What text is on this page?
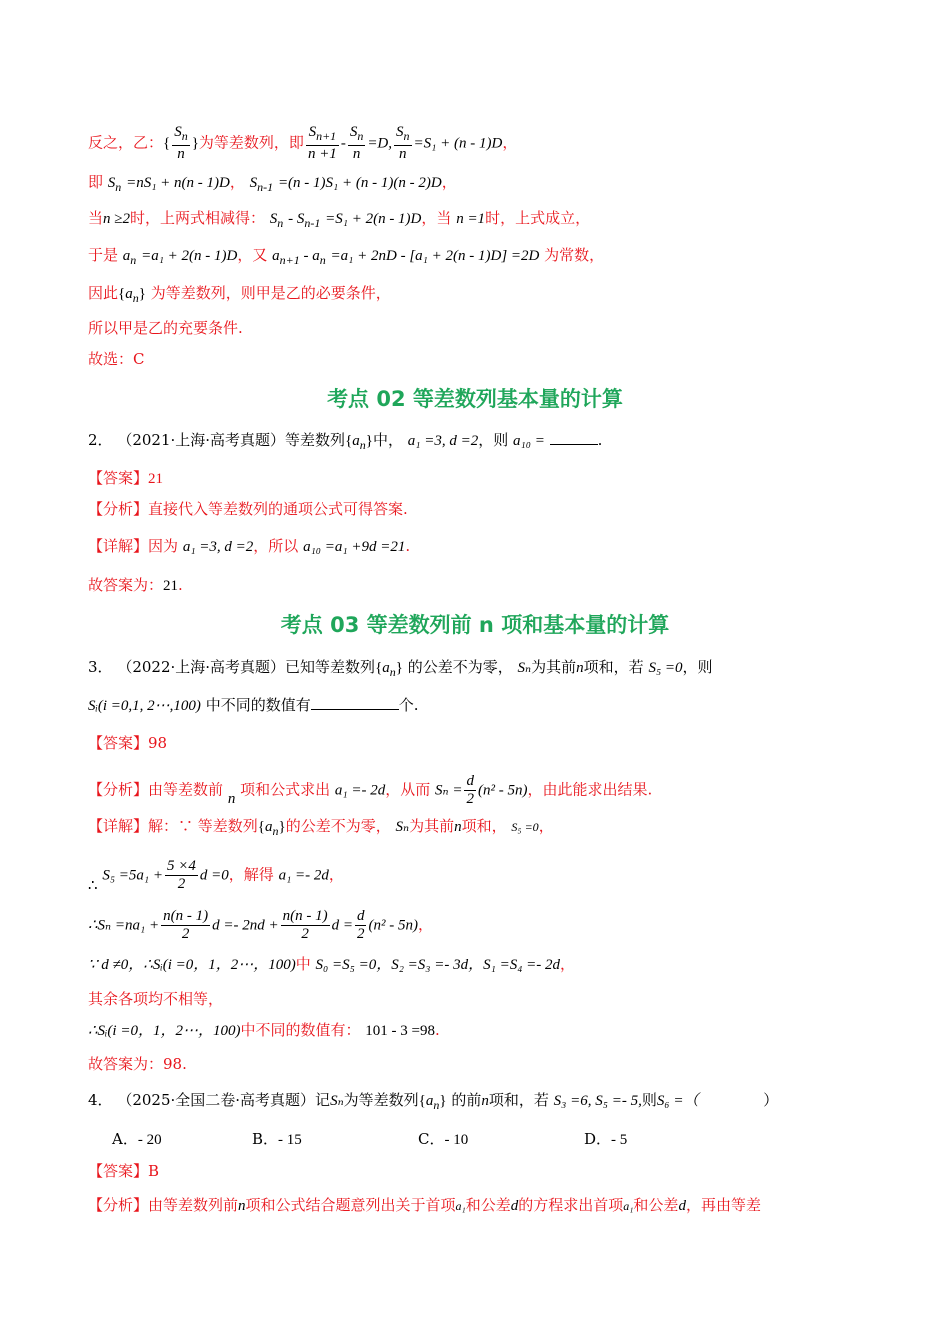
反之，乙：{ $\frac{S_n}{n}$ }为等差数列，即 $\frac{S_{n+1}}{n +1} - \frac{S_n}{n} =D$, $\frac{S_n}{n} =S_1 + (n - 1)D$，
即 $S_n =nS_1 + n(n - 1)D$， $S_{n-1} =(n - 1)S_1 + (n - 1)(n - 2)D$，
当n ≥2时，上两式相减得： $S_n - S_{n-1} =S_1 + 2(n - 1)D$，当 n =1时，上式成立，
于是 $a_n =a_1 + 2(n - 1)D$，又 $a_{n+1} - a_n =a_1 + 2nD - [a_1 + 2(n - 1)D] =2D$ 为常数，
因此$\{a_n\}$ 为等差数列，则甲是乙的必要条件，
所以甲是乙的充要条件.
故选：C
考点 02 等差数列基本量的计算
2． （2021·上海·高考真题）等差数列$\{a_n\}$中， a₁ =3, d =2，则 a₁₀ =	.
【答案】21
【分析】直接代入等差数列的通项公式可得答案.
【详解】因为 a₁ =3, d =2，所以 a₁₀ =a₁ +9d =21.
故答案为：21.
考点 03 等差数列前 n 项和基本量的计算
3． （2022·上海·高考真题）已知等差数列$\{a_n\}$ 的公差不为零， Sₙ为其前n项和，若 S₅ =0，则
Sᵢ(i =0,1, 2⋯,100) 中不同的数值有	个.
【答案】98
【分析】由等差数前 n 项和公式求出 a₁ =- 2d，从而 $S_n = \frac{d}{2} (n^2 - 5n)$，由此能求出结果.
【详解】解：∵ 等差数列$\{a_n\}$的公差不为零， Sₙ为其前n项和， S₅ =0，
∴ $S_5 =5a_1 + \frac{5 \times 4}{2}$ d =0，解得 a₁ =- 2d，
∴Sₙ $=na_1 + \frac{n(n - 1)}{2}$ $d =- 2nd + \frac{n(n - 1)}{2}$ $d = \frac{d}{2} (n^2 - 5n)$，
∵ d ≠0，∴Sᵢ(i =0，1，2⋯，100)中 S₀ =S₅ =0，S₂ =S₃ =- 3d，S₁ =S₄ =- 2d，
其余各项均不相等，
∴Sᵢ(i =0，1，2⋯，100)中不同的数值有： 101 - 3 =98.
故答案为：98.
4． （2025·全国二卷·高考真题）记Sₙ为等差数列$\{a_n\}$ 的前n项和，若 S₃ =6, S₅ =- 5,则S₆ =（	）
A．- 20	B．- 15	C．- 10	D．- 5
【答案】B
【分析】由等差数列前n项和公式结合题意列出关于首项a₁和公差d的方程求出首项a₁和公差d，再由等差
